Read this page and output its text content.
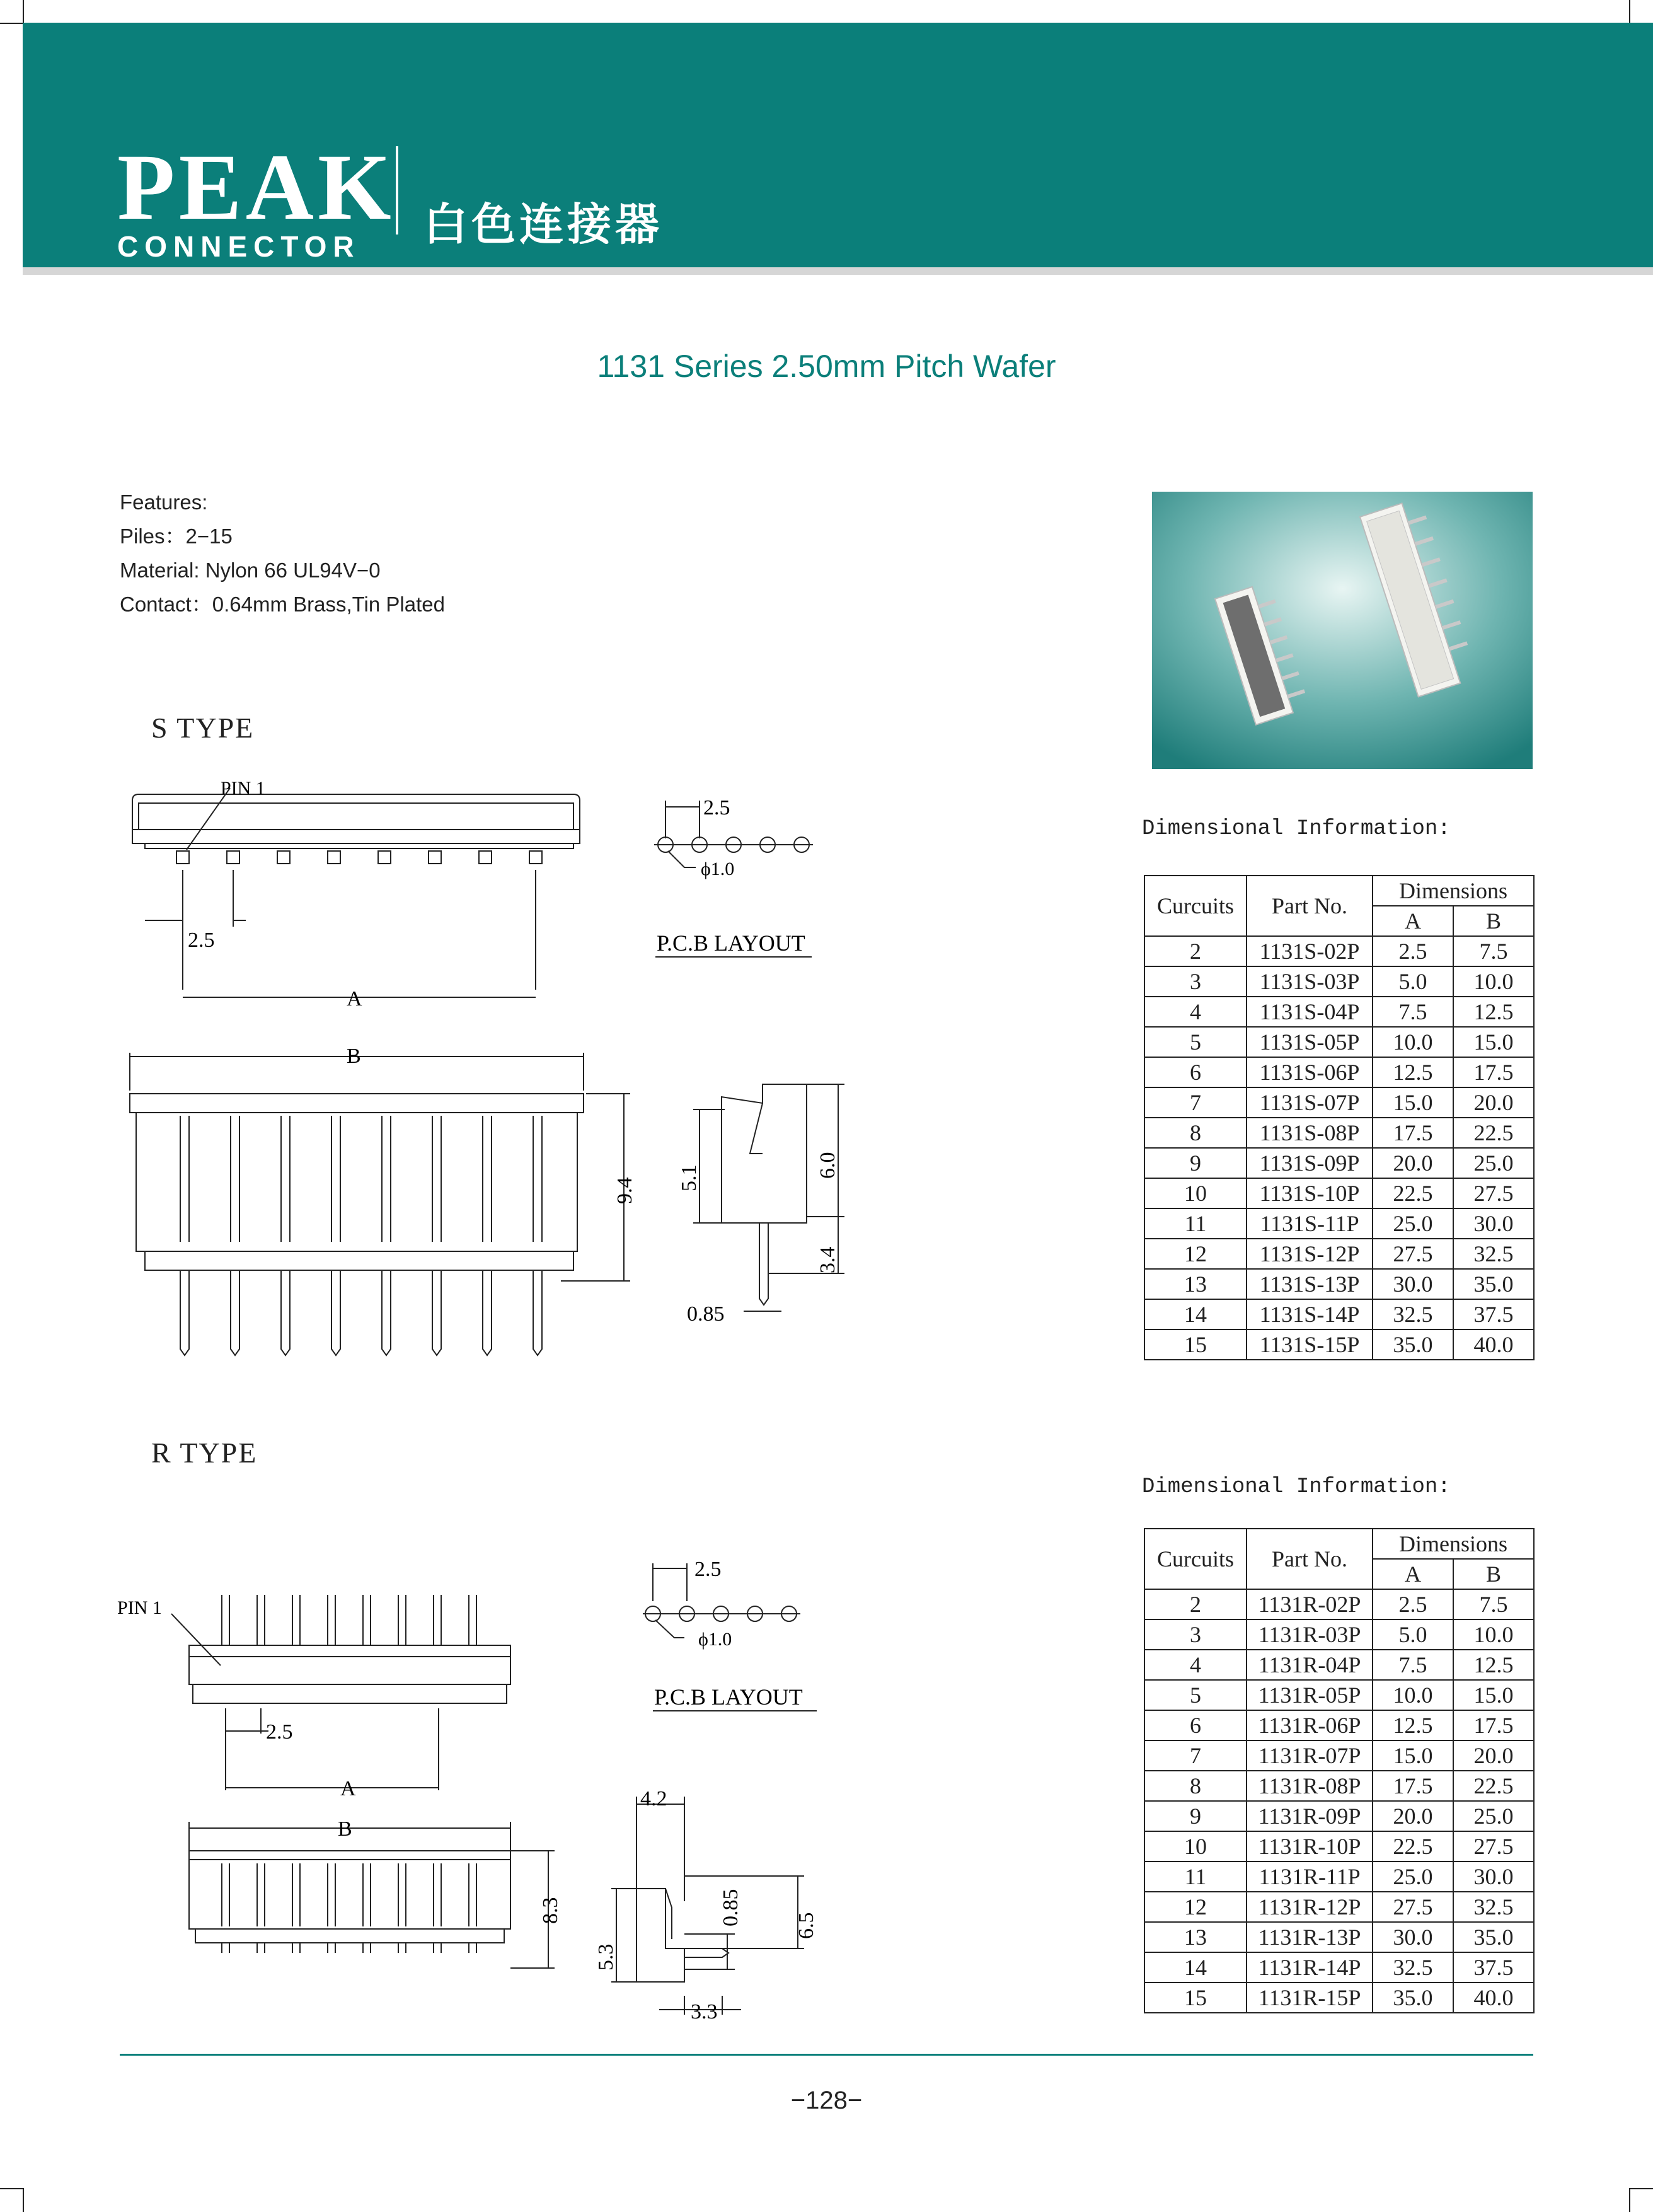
PEAK
CONNECTOR	白色连接器
1131 Series 2.50mm Pitch Wafer
Features:
Piles：2−15
Material: Nylon 66 UL94V−0
Contact：0.64mm Brass,Tin Plated
S TYPE
PIN 1
2.5
A
B
9.4 5.1	6.0
3.4
0.85
2.5
ϕ1.0
P.C.B LAYOUT
Dimensional Information:
Curcuits	Part No.	Dimensions	
		A	B
2	1131S-02P	2.5	7.5
3	1131S-03P	5.0	10.0
4	1131S-04P	7.5	12.5
5	1131S-05P	10.0	15.0
6	1131S-06P	12.5	17.5
7	1131S-07P	15.0	20.0
8	1131S-08P	17.5	22.5
9	1131S-09P	20.0	25.0
10	1131S-10P	22.5	27.5
11	1131S-11P	25.0	30.0
12	1131S-12P	27.5	32.5
13	1131S-13P	30.0	35.0
14	1131S-14P	32.5	37.5
15	1131S-15P	35.0	40.0
R TYPE
PIN 1
2.5
A
B
8.3
4.2
5.3
0.85 6.5
3.3
2.5
ϕ1.0
P.C.B LAYOUT
Dimensional Information:
Curcuits	Part No.	Dimensions	
		A	B
2	1131R-02P	2.5	7.5
3	1131R-03P	5.0	10.0
4	1131R-04P	7.5	12.5
5	1131R-05P	10.0	15.0
6	1131R-06P	12.5	17.5
7	1131R-07P	15.0	20.0
8	1131R-08P	17.5	22.5
9	1131R-09P	20.0	25.0
10	1131R-10P	22.5	27.5
11	1131R-11P	25.0	30.0
12	1131R-12P	27.5	32.5
13	1131R-13P	30.0	35.0
14	1131R-14P	32.5	37.5
15	1131R-15P	35.0	40.0
−128−
